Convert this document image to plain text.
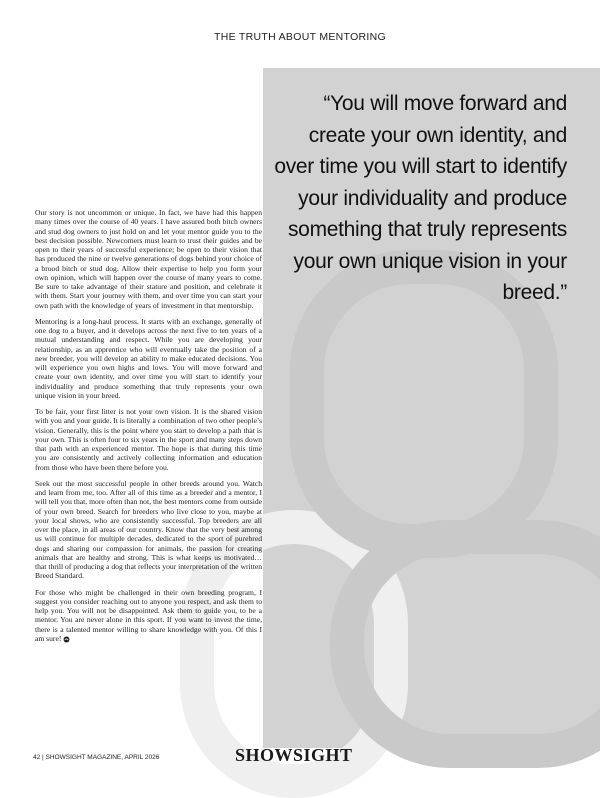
THE TRUTH ABOUT MENTORING
“You will move forward and create your own identity, and over time you will start to identify your individuality and produce something that truly represents your own unique vision in your breed.”

Our story is not uncommon or unique. In fact, we have had this happen many times over the course of 40 years. I have assured both bitch owners and stud dog owners to just hold on and let your mentor guide you to the best decision possible. Newcomers must learn to trust their guides and be open to their years of successful experience; be open to their vision that has produced the nine or twelve generations of dogs behind your choice of a brood bitch or stud dog. Allow their expertise to help you form your own opinion, which will happen over the course of many years to come. Be sure to take advantage of their stature and position, and celebrate it with them. Start your journey with them, and over time you can start your own path with the knowledge of years of investment in that mentorship.

Mentoring is a long-haul process. It starts with an exchange, generally of one dog to a buyer, and it develops across the next five to ten years of a mutual understanding and respect. While you are developing your relationship, as an apprentice who will eventually take the position of a new breeder, you will develop an ability to make educated decisions. You will experience you own highs and lows. You will move forward and create your own identity, and over time you will start to identify your individuality and produce something that truly represents your own unique vision in your breed.

To be fair, your first litter is not your own vision. It is the shared vision with you and your guide. It is literally a combination of two other people’s vision. Generally, this is the point where you start to develop a path that is your own. This is often four to six years in the sport and many steps down that path with an experienced mentor. The hope is that during this time you are consistently and actively collecting information and education from those who have been there before you.

Seek out the most successful people in other breeds around you. Watch and learn from me, too. After all of this time as a breeder and a mentor, I will tell you that, more often than not, the best mentors come from outside of your own breed. Search for breeders who live close to you, maybe at your local shows, who are consistently successful. Top breeders are all over the place, in all areas of our country. Know that the very best among us will continue for multiple decades, dedicated to the sport of purebred dogs and sharing our compassion for animals, the passion for creating animals that are healthy and strong. This is what keeps us motivated… that thrill of producing a dog that reflects your interpretation of the written Breed Standard.

For those who might be challenged in their own breeding program, I suggest you consider reaching out to anyone you respect, and ask them to help you. You will not be disappointed. Ask them to guide you, to be a mentor. You are never alone in this sport. If you want to invest the time, there is a talented mentor willing to share knowledge with you. Of this I am sure!

42 | SHOWSIGHT MAGAZINE, APRIL 2026	SHOWSIGHT
